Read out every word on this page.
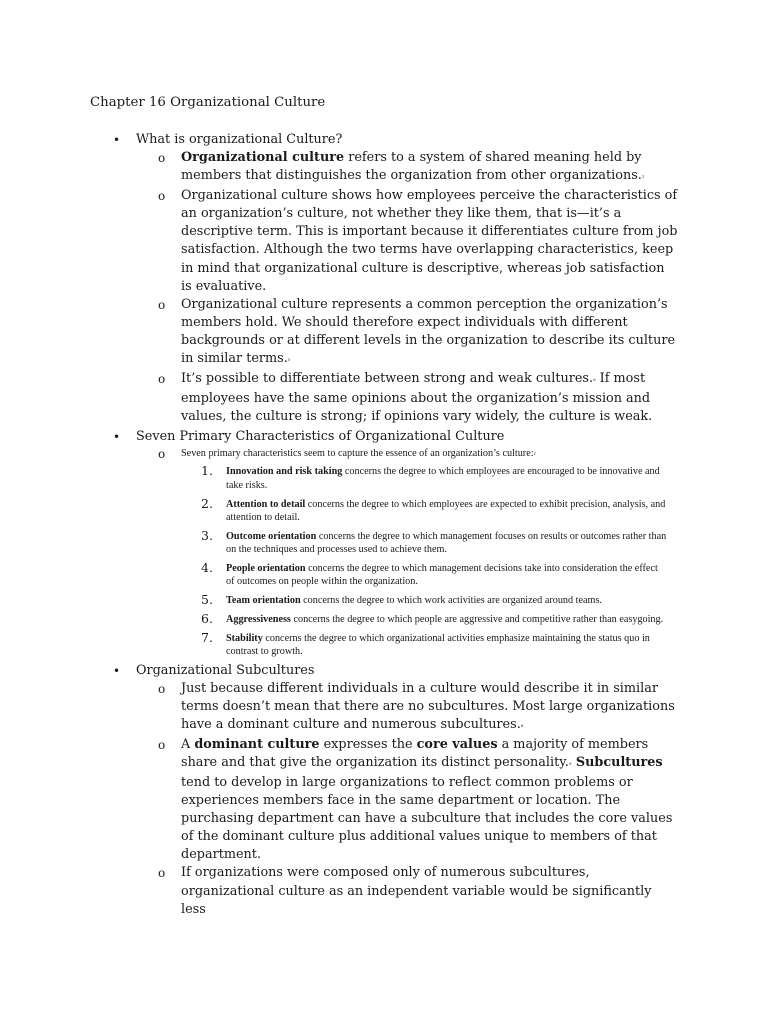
Chapter 16 Organizational Culture
• What is organizational Culture?
o Organizational culture refers to a system of shared meaning held by members that distinguishes the organization from other organizations.$^1$
o Organizational culture shows how employees perceive the characteristics of an organization’s culture, not whether they like them, that is—it’s a descriptive term. This is important because it differentiates culture from job satisfaction. Although the two terms have overlapping characteristics, keep in mind that organizational culture is descriptive, whereas job satisfaction is evaluative.
o Organizational culture represents a common perception the organization’s members hold. We should therefore expect individuals with different backgrounds or at different levels in the organization to describe its culture in similar terms.$^5$
o It’s possible to differentiate between strong and weak cultures.$^6$ If most employees have the same opinions about the organization’s mission and values, the culture is strong; if opinions vary widely, the culture is weak.
• Seven Primary Characteristics of Organizational Culture
o Seven primary characteristics seem to capture the essence of an organization’s culture:$^2$
1. Innovation and risk taking concerns the degree to which employees are encouraged to be innovative and take risks.
2. Attention to detail concerns the degree to which employees are expected to exhibit precision, analysis, and attention to detail.
3. Outcome orientation concerns the degree to which management focuses on results or outcomes rather than on the techniques and processes used to achieve them.
4. People orientation concerns the degree to which management decisions take into consideration the effect of outcomes on people within the organization.
5. Team orientation concerns the degree to which work activities are organized around teams.
6. Aggressiveness concerns the degree to which people are aggressive and competitive rather than easygoing.
7. Stability concerns the degree to which organizational activities emphasize maintaining the status quo in contrast to growth.
• Organizational Subcultures
o Just because different individuals in a culture would describe it in similar terms doesn’t mean that there are no subcultures. Most large organizations have a dominant culture and numerous subcultures.$^8$
o A dominant culture expresses the core values a majority of members share and that give the organization its distinct personality.$^9$ Subcultures tend to develop in large organizations to reflect common problems or experiences members face in the same department or location. The purchasing department can have a subculture that includes the core values of the dominant culture plus additional values unique to members of that department.
o If organizations were composed only of numerous subcultures, organizational culture as an independent variable would be significantly less
